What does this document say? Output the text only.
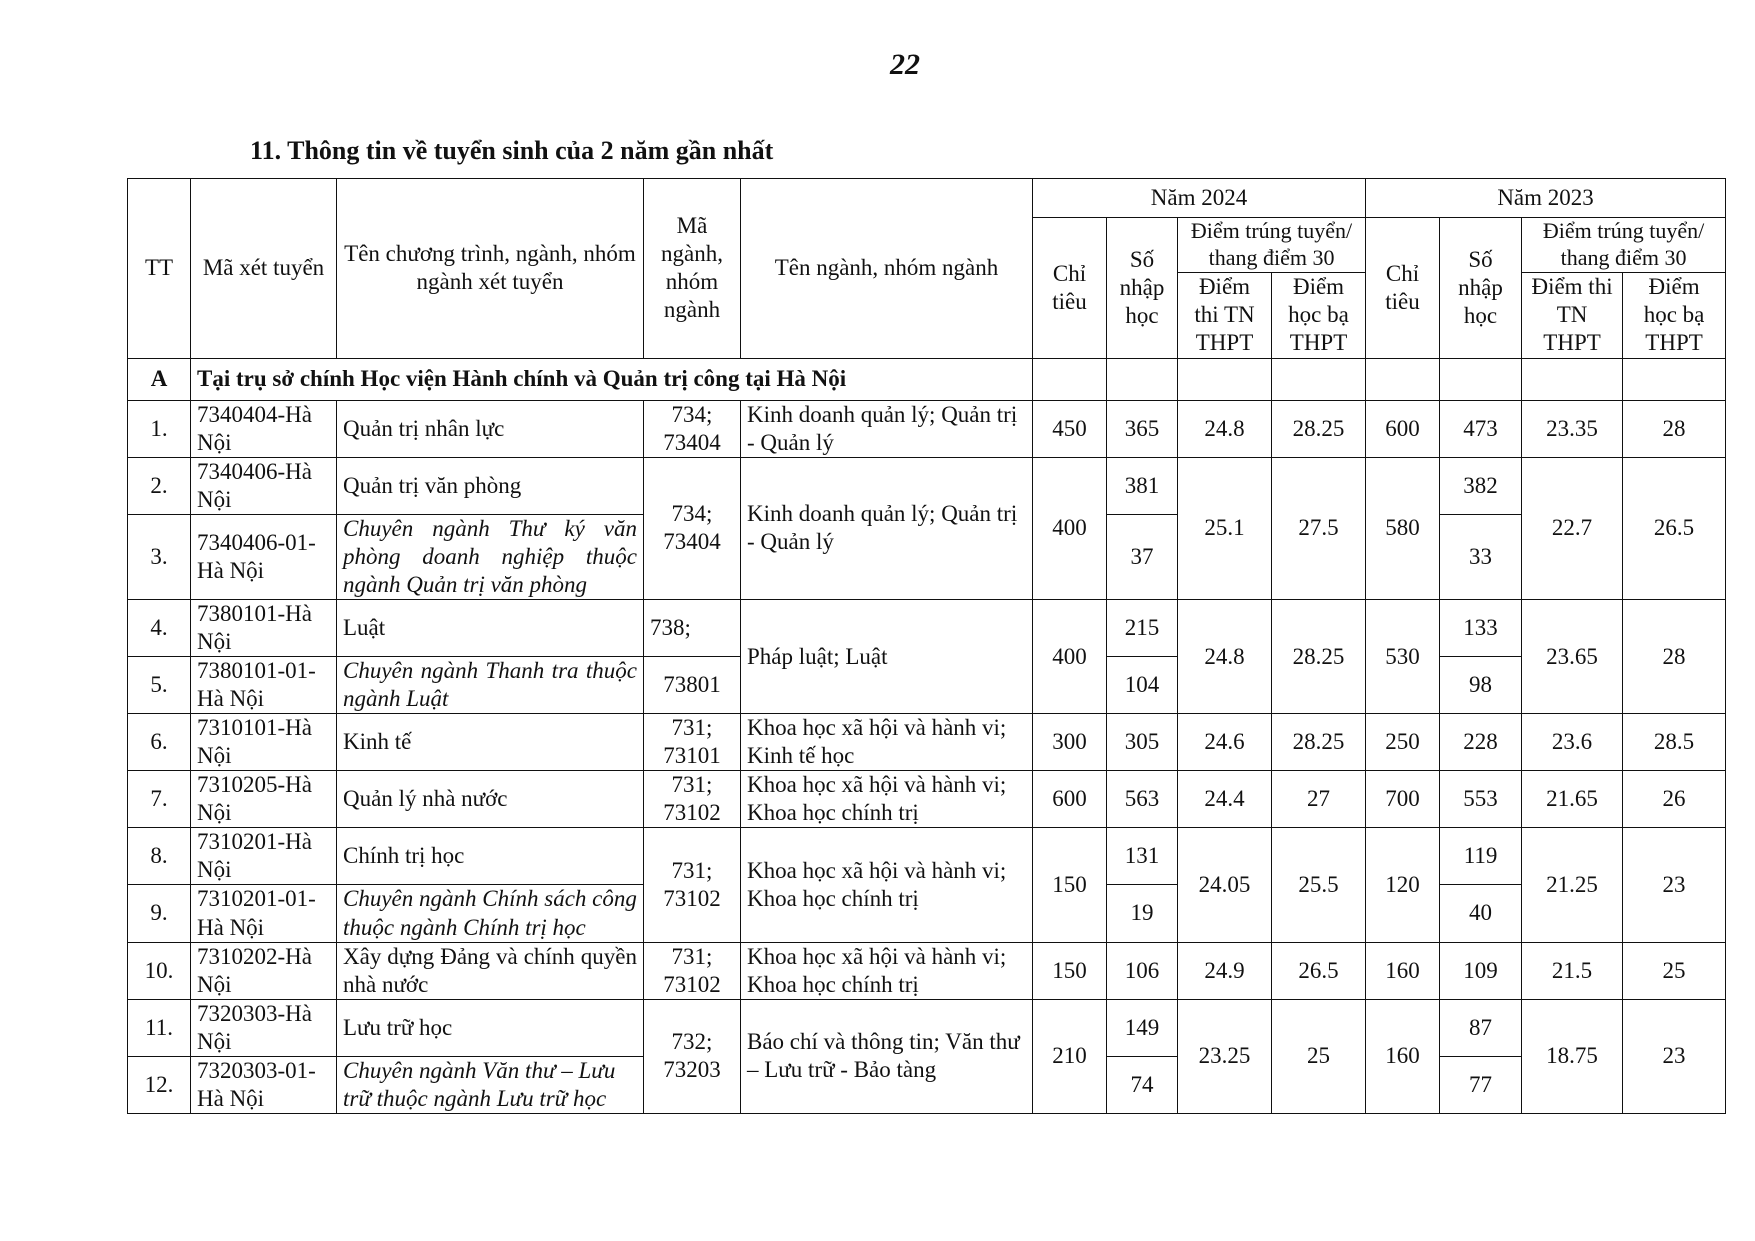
22
11. Thông tin về tuyển sinh của 2 năm gần nhất
TT	Mã xét tuyển	Tên chương trình, ngành, nhóm ngành xét tuyển	Mã ngành, nhóm ngành	Tên ngành, nhóm ngành	Năm 2024				Năm 2023			
					Chỉ tiêu	Số nhập học	Điểm trúng tuyển/ thang điểm 30		Chỉ tiêu	Số nhập học	Điểm trúng tuyển/ thang điểm 30	
							Điểm thi TN THPT	Điểm học bạ THPT			Điểm thi TN THPT	Điểm học bạ THPT
A	Tại trụ sở chính Học viện Hành chính và Quản trị công tại Hà Nội											
1.	7340404-Hà Nội	Quản trị nhân lực	734; 73404	Kinh doanh quản lý; Quản trị - Quản lý	450	365	24.8	28.25	600	473	23.35	28
2.	7340406-Hà Nội	Quản trị văn phòng	734; 73404	Kinh doanh quản lý; Quản trị - Quản lý	400	381	25.1	27.5	580	382	22.7	26.5
3.	7340406-01-Hà Nội	Chuyên ngành Thư ký văn phòng doanh nghiệp thuộc ngành Quản trị văn phòng				37				33		
4.	7380101-Hà Nội	Luật	738;	Pháp luật; Luật	400	215	24.8	28.25	530	133	23.65	28
5.	7380101-01-Hà Nội	Chuyên ngành Thanh tra thuộc ngành Luật	73801			104				98		
6.	7310101-Hà Nội	Kinh tế	731; 73101	Khoa học xã hội và hành vi; Kinh tế học	300	305	24.6	28.25	250	228	23.6	28.5
7.	7310205-Hà Nội	Quản lý nhà nước	731; 73102	Khoa học xã hội và hành vi; Khoa học chính trị	600	563	24.4	27	700	553	21.65	26
8.	7310201-Hà Nội	Chính trị học	731; 73102	Khoa học xã hội và hành vi; Khoa học chính trị	150	131	24.05	25.5	120	119	21.25	23
9.	7310201-01-Hà Nội	Chuyên ngành Chính sách công thuộc ngành Chính trị học				19				40		
10.	7310202-Hà Nội	Xây dựng Đảng và chính quyền nhà nước	731; 73102	Khoa học xã hội và hành vi; Khoa học chính trị	150	106	24.9	26.5	160	109	21.5	25
11.	7320303-Hà Nội	Lưu trữ học	732; 73203	Báo chí và thông tin; Văn thư – Lưu trữ - Bảo tàng	210	149	23.25	25	160	87	18.75	23
12.	7320303-01-Hà Nội	Chuyên ngành Văn thư – Lưu trữ thuộc ngành Lưu trữ học				74				77		
